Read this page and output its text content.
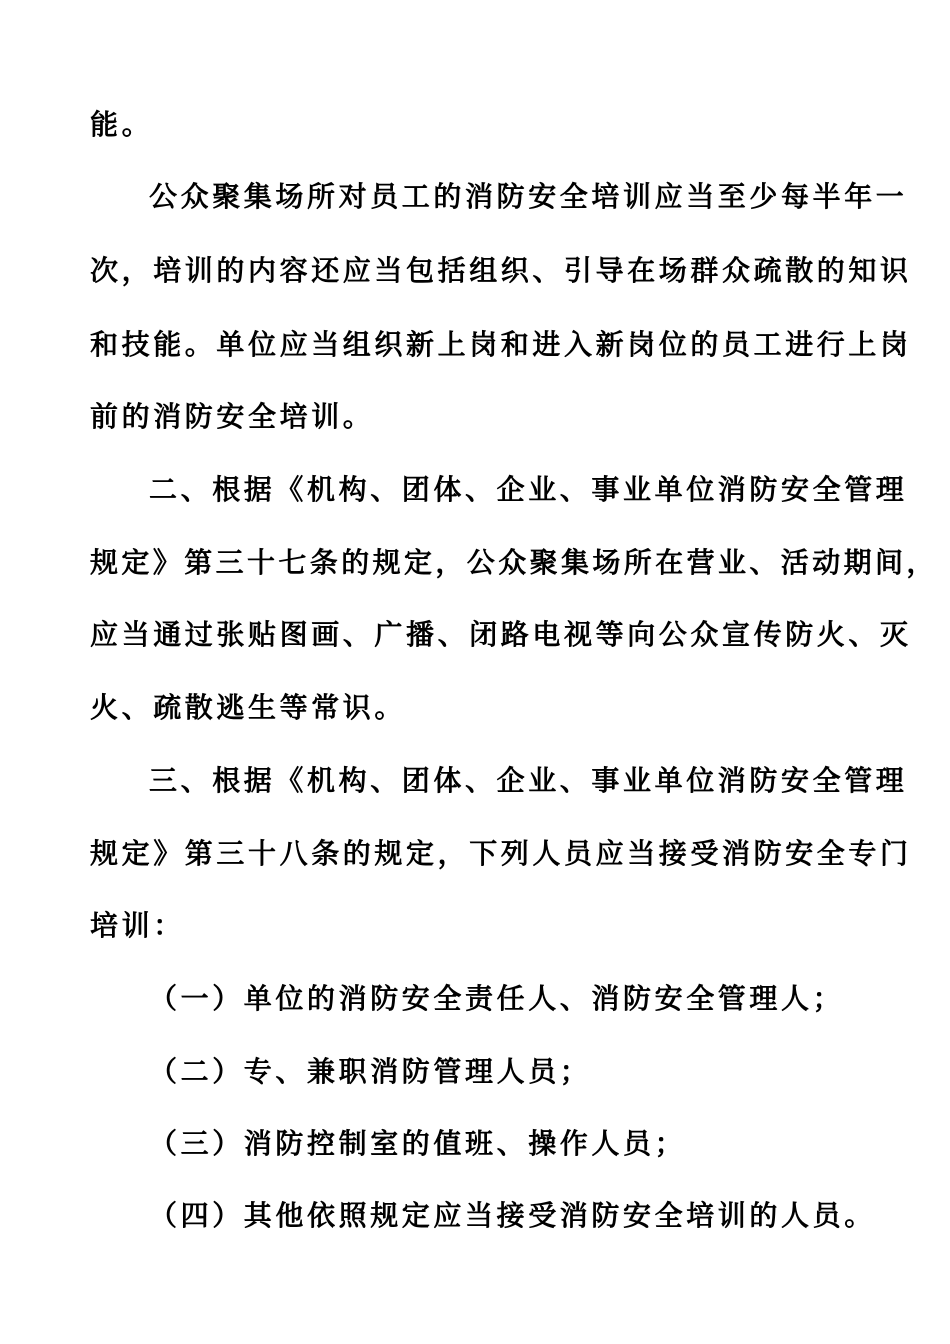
能。
公众聚集场所对员工的消防安全培训应当至少每半年一
次，培训的内容还应当包括组织、引导在场群众疏散的知识
和技能。单位应当组织新上岗和进入新岗位的员工进行上岗
前的消防安全培训。
二、根据《机构、团体、企业、事业单位消防安全管理
规定》第三十七条的规定，公众聚集场所在营业、活动期间，
应当通过张贴图画、广播、闭路电视等向公众宣传防火、灭
火、疏散逃生等常识。
三、根据《机构、团体、企业、事业单位消防安全管理
规定》第三十八条的规定，下列人员应当接受消防安全专门
培训：
（一）单位的消防安全责任人、消防安全管理人；
（二）专、兼职消防管理人员；
（三）消防控制室的值班、操作人员；
（四）其他依照规定应当接受消防安全培训的人员。
